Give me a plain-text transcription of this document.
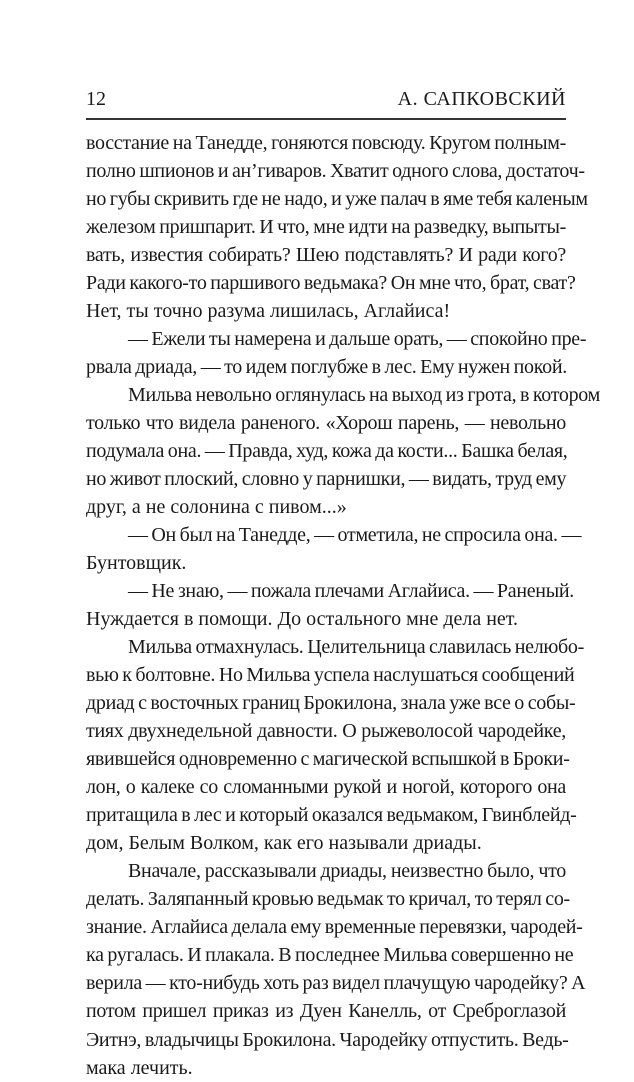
12	А. САПКОВСКИЙ
восстание на Танедде, гоняются повсюду. Кругом полным-
полно шпионов и ан’гиваров. Хватит одного слова, достаточ-
но губы скривить где не надо, и уже палач в яме тебя каленым
железом пришпарит. И что, мне идти на разведку, выпыты-
вать, известия собирать? Шею подставлять? И ради кого?
Ради какого-то паршивого ведьмака? Он мне что, брат, сват?
Нет, ты точно разума лишилась, Аглайиса!
— Ежели ты намерена и дальше орать, — спокойно пре-
рвала дриада, — то идем поглубже в лес. Ему нужен покой.
Мильва невольно оглянулась на выход из грота, в котором
только что видела раненого. «Хорош парень, — невольно
подумала она. — Правда, худ, кожа да кости... Башка белая,
но живот плоский, словно у парнишки, — видать, труд ему
друг, а не солонина с пивом...»
— Он был на Танедде, — отметила, не спросила она. —
Бунтовщик.
— Не знаю, — пожала плечами Аглайиса. — Раненый.
Нуждается в помощи. До остального мне дела нет.
Мильва отмахнулась. Целительница славилась нелюбо-
вью к болтовне. Но Мильва успела наслушаться сообщений
дриад с восточных границ Брокилона, знала уже все о собы-
тиях двухнедельной давности. О рыжеволосой чародейке,
явившейся одновременно с магической вспышкой в Броки-
лон, о калеке со сломанными рукой и ногой, которого она
притащила в лес и который оказался ведьмаком, Гвинблейд-
дом, Белым Волком, как его называли дриады.
Вначале, рассказывали дриады, неизвестно было, что
делать. Заляпанный кровью ведьмак то кричал, то терял со-
знание. Аглайиса делала ему временные перевязки, чародей-
ка ругалась. И плакала. В последнее Мильва совершенно не
верила — кто-нибудь хоть раз видел плачущую чародейку? А
потом пришел приказ из Дуен Канелль, от Среброглазой
Эитнэ, владычицы Брокилона. Чародейку отпустить. Ведь-
мака лечить.
